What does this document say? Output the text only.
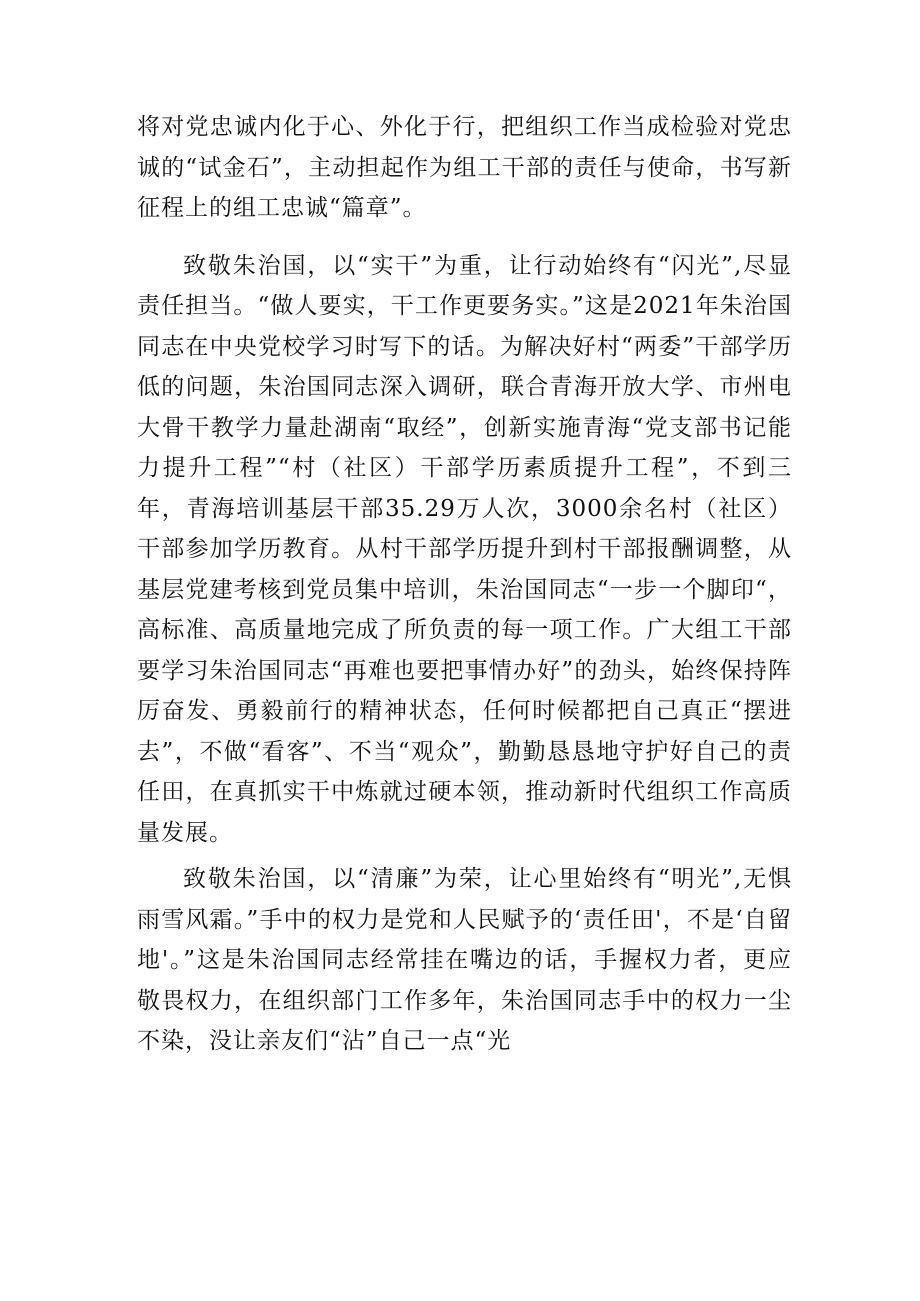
将对党忠诚内化于心、外化于行，把组织工作当成检验对党忠诚的“试金石”，主动担起作为组工干部的责任与使命，书写新征程上的组工忠诚“篇章”。

致敬朱治国，以“实干”为重，让行动始终有“闪光”,尽显责任担当。“做人要实，干工作更要务实。”这是2021年朱治国同志在中央党校学习时写下的话。为解决好村“两委”干部学历低的问题，朱治国同志深入调研，联合青海开放大学、市州电大骨干教学力量赴湖南“取经”，创新实施青海“党支部书记能力提升工程”“村（社区）干部学历素质提升工程”，不到三年，青海培训基层干部35.29万人次，3000余名村（社区）干部参加学历教育。从村干部学历提升到村干部报酬调整，从基层党建考核到党员集中培训，朱治国同志“一步一个脚印“，高标准、高质量地完成了所负责的每一项工作。广大组工干部要学习朱治国同志“再难也要把事情办好”的劲头，始终保持阵厉奋发、勇毅前行的精神状态，任何时候都把自己真正“摆进去”，不做“看客”、不当“观众”，勤勤恳恳地守护好自己的责任田，在真抓实干中炼就过硬本领，推动新时代组织工作高质量发展。

致敬朱治国，以“清廉”为荣，让心里始终有“明光”,无惧雨雪风霜。”手中的权力是党和人民赋予的‘责任田'，不是‘自留地'。”这是朱治国同志经常挂在嘴边的话，手握权力者，更应敬畏权力，在组织部门工作多年，朱治国同志手中的权力一尘不染，没让亲友们“沾”自己一点“光
